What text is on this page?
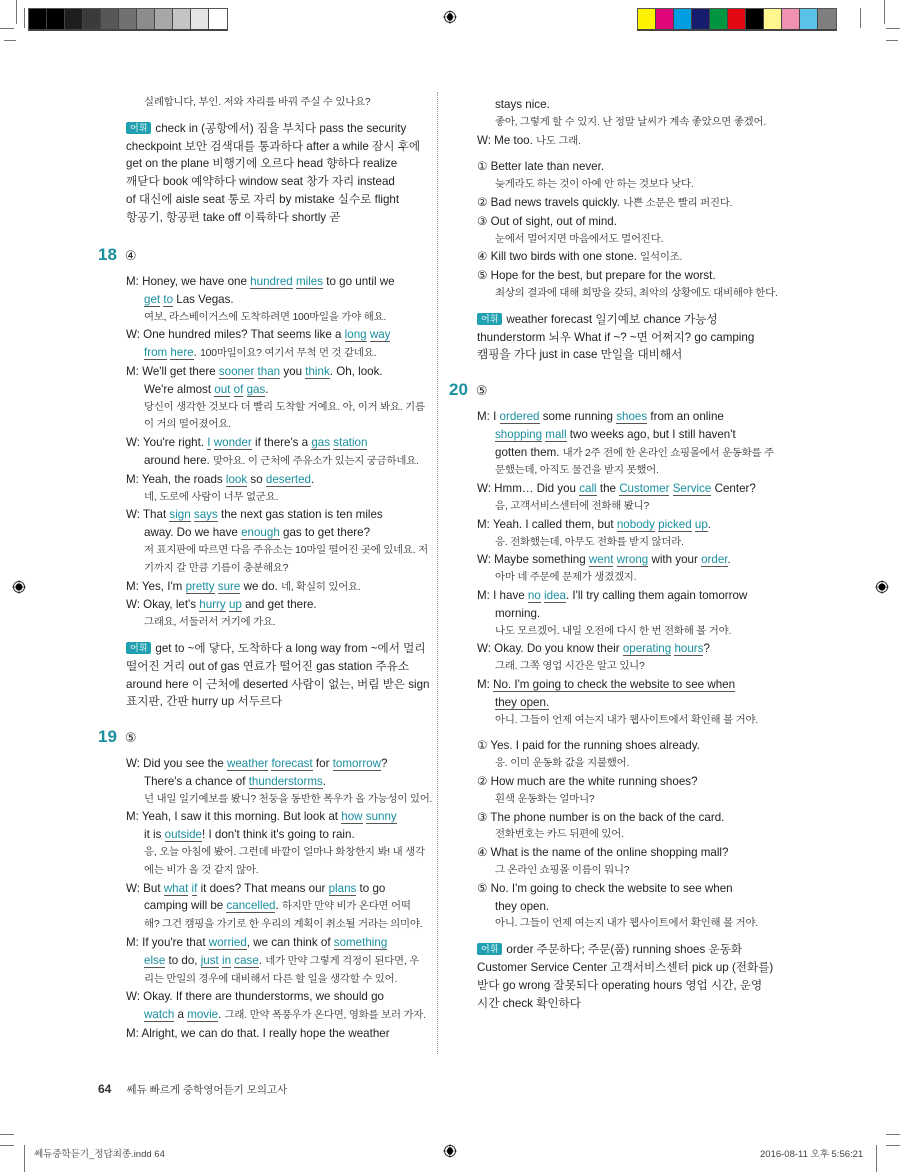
실례합니다, 부인. 저와 자리를 바꿔 주실 수 있나요?
어휘 check in (공항에서) 짐을 부치다 pass the security
checkpoint 보안 검색대를 통과하다 after a while 잠시 후에
get on the plane 비행기에 오르다 head 향하다 realize
깨닫다 book 예약하다 window seat 창가 자리 instead
of 대신에 aisle seat 통로 자리 by mistake 실수로 flight
항공기, 항공편 take off 이륙하다 shortly 곧
18 ④
M: Honey, we have one hundred miles to go until we
get to Las Vegas.
여보, 라스베이거스에 도착하려면 100마일을 가야 해요.
W: One hundred miles? That seems like a long way
from here. 100마일이요? 여기서 무척 먼 것 같네요.
M: We'll get there sooner than you think. Oh, look.
We're almost out of gas.
당신이 생각한 것보다 더 빨리 도착할 거예요. 아, 이거 봐요. 기름
이 거의 떨어졌어요.
W: You're right. I wonder if there's a gas station
around here. 맞아요. 이 근처에 주유소가 있는지 궁금하네요.
M: Yeah, the roads look so deserted.
네, 도로에 사람이 너무 없군요.
W: That sign says the next gas station is ten miles
away. Do we have enough gas to get there?
저 표지판에 따르면 다음 주유소는 10마일 떨어진 곳에 있네요. 저
기까지 갈 만큼 기름이 충분해요?
M: Yes, I'm pretty sure we do. 네, 확실히 있어요.
W: Okay, let's hurry up and get there.
그래요, 서둘러서 거기에 가요.
어휘 get to ~에 닿다, 도착하다 a long way from ~에서 멀리
떨어진 거리 out of gas 연료가 떨어진 gas station 주유소
around here 이 근처에 deserted 사람이 없는, 버림 받은 sign
표지판, 간판 hurry up 서두르다
19 ⑤
W: Did you see the weather forecast for tomorrow?
There's a chance of thunderstorms.
넌 내일 일기예보를 봤니? 천둥을 동반한 폭우가 올 가능성이 있어.
M: Yeah, I saw it this morning. But look at how sunny
it is outside! I don't think it's going to rain.
응, 오늘 아침에 봤어. 그런데 바깥이 얼마나 화창한지 봐! 내 생각
에는 비가 올 것 같지 않아.
W: But what if it does? That means our plans to go
camping will be cancelled. 하지만 만약 비가 온다면 어떡
해? 그건 캠핑을 가기로 한 우리의 계획이 취소될 거라는 의미야.
M: If you're that worried, we can think of something
else to do, just in case. 네가 만약 그렇게 걱정이 된다면, 우
리는 만일의 경우에 대비해서 다른 할 일을 생각할 수 있어.
W: Okay. If there are thunderstorms, we should go
watch a movie. 그래. 만약 폭풍우가 온다면, 영화를 보러 가자.
M: Alright, we can do that. I really hope the weather
stays nice.
좋아, 그렇게 할 수 있지. 난 정말 날씨가 계속 좋았으면 좋겠어.
W: Me too. 나도 그래.
① Better late than never.
늦게라도 하는 것이 아예 안 하는 것보다 낫다.
② Bad news travels quickly. 나쁜 소문은 빨리 퍼진다.
③ Out of sight, out of mind.
눈에서 멀어지면 마음에서도 멀어진다.
④ Kill two birds with one stone. 일석이조.
⑤ Hope for the best, but prepare for the worst.
최상의 결과에 대해 희망을 갖되, 최악의 상황에도 대비해야 한다.
어휘 weather forecast 일기예보 chance 가능성
thunderstorm 뇌우 What if ~? ~면 어쩌지? go camping
캠핑을 가다 just in case 만일을 대비해서
20 ⑤
M: I ordered some running shoes from an online
shopping mall two weeks ago, but I still haven't
gotten them. 내가 2주 전에 한 온라인 쇼핑몰에서 운동화를 주
문했는데, 아직도 물건을 받지 못했어.
W: Hmm… Did you call the Customer Service Center?
음, 고객서비스센터에 전화해 봤니?
M: Yeah. I called them, but nobody picked up.
응. 전화했는데, 아무도 전화를 받지 않더라.
W: Maybe something went wrong with your order.
아마 네 주문에 문제가 생겼겠지.
M: I have no idea. I'll try calling them again tomorrow
morning.
나도 모르겠어. 내일 오전에 다시 한 번 전화해 볼 거야.
W: Okay. Do you know their operating hours?
그래. 그쪽 영업 시간은 알고 있니?
M: No. I'm going to check the website to see when
they open.
아니. 그들이 언제 여는지 내가 웹사이트에서 확인해 볼 거야.
① Yes. I paid for the running shoes already.
응. 이미 운동화 값을 지불했어.
② How much are the white running shoes?
흰색 운동화는 얼마니?
③ The phone number is on the back of the card.
전화번호는 카드 뒤편에 있어.
④ What is the name of the online shopping mall?
그 온라인 쇼핑몰 이름이 뭐니?
⑤ No. I'm going to check the website to see when
they open.
아니. 그들이 언제 여는지 내가 웹사이트에서 확인해 볼 거야.
어휘 order 주문하다; 주문(품) running shoes 운동화
Customer Service Center 고객서비스센터 pick up (전화를)
받다 go wrong 잘못되다 operating hours 영업 시간, 운영
시간 check 확인하다
64 쎄듀 빠르게 중학영어듣기 모의고사
쎄듀중학듣기_정답최종.indd 64	2016-08-11 오후 5:56:21
